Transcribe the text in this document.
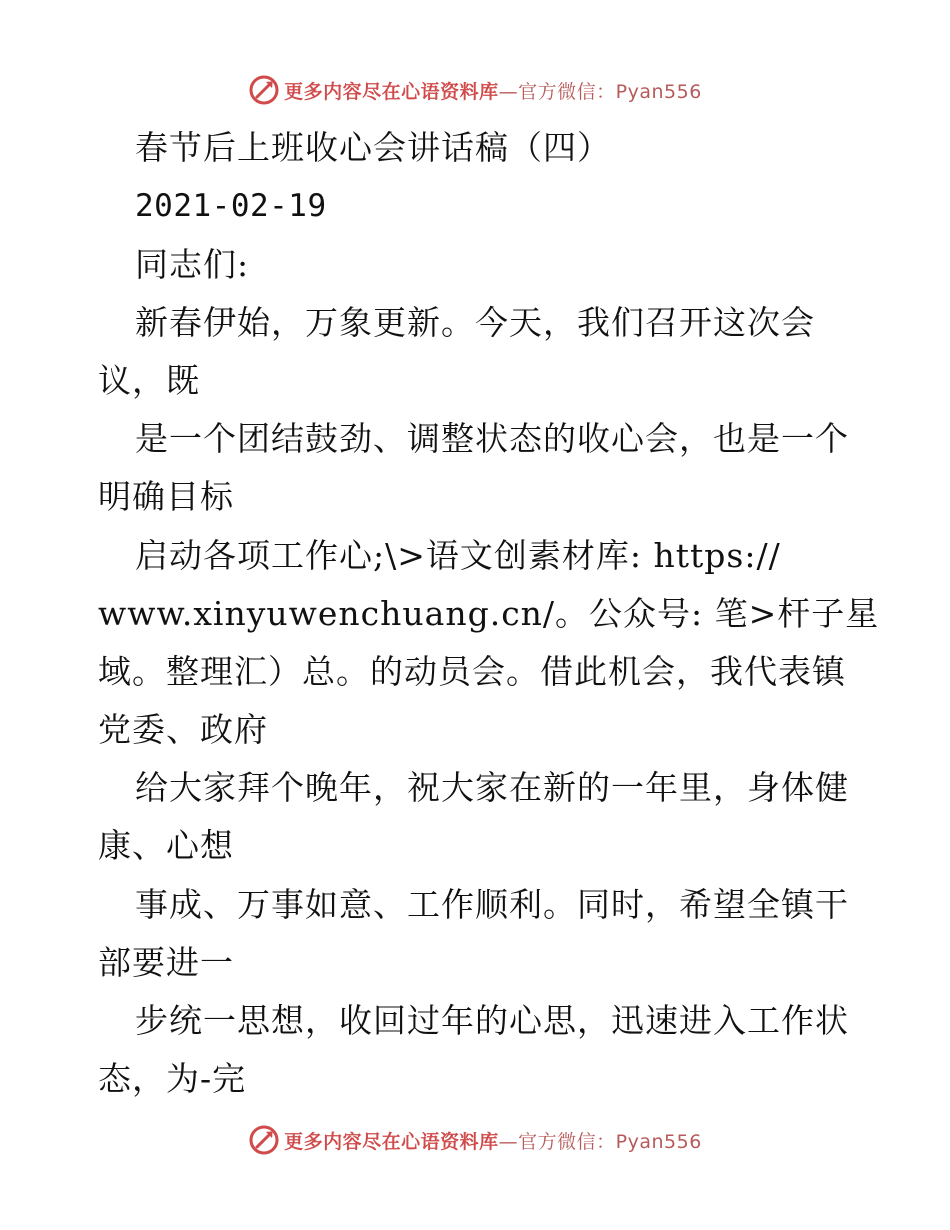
更多内容尽在心语资料库—官方微信：Pyan556
春节后上班收心会讲话稿（四）
2021-02-19
同志们:
新春伊始，万象更新。今天，我们召开这次会
议，既
是一个团结鼓劲、调整状态的收心会，也是一个
明确目标
启动各项工作心;\>语文创素材库: https://
www.xinyuwenchuang.cn/。公众号: 笔>杆子星
域。整理汇）总。的动员会。借此机会，我代表镇
党委、政府
给大家拜个晚年，祝大家在新的一年里，身体健
康、心想
事成、万事如意、工作顺利。同时，希望全镇干
部要进一
步统一思想，收回过年的心思，迅速进入工作状
态，为-完
更多内容尽在心语资料库—官方微信：Pyan556
